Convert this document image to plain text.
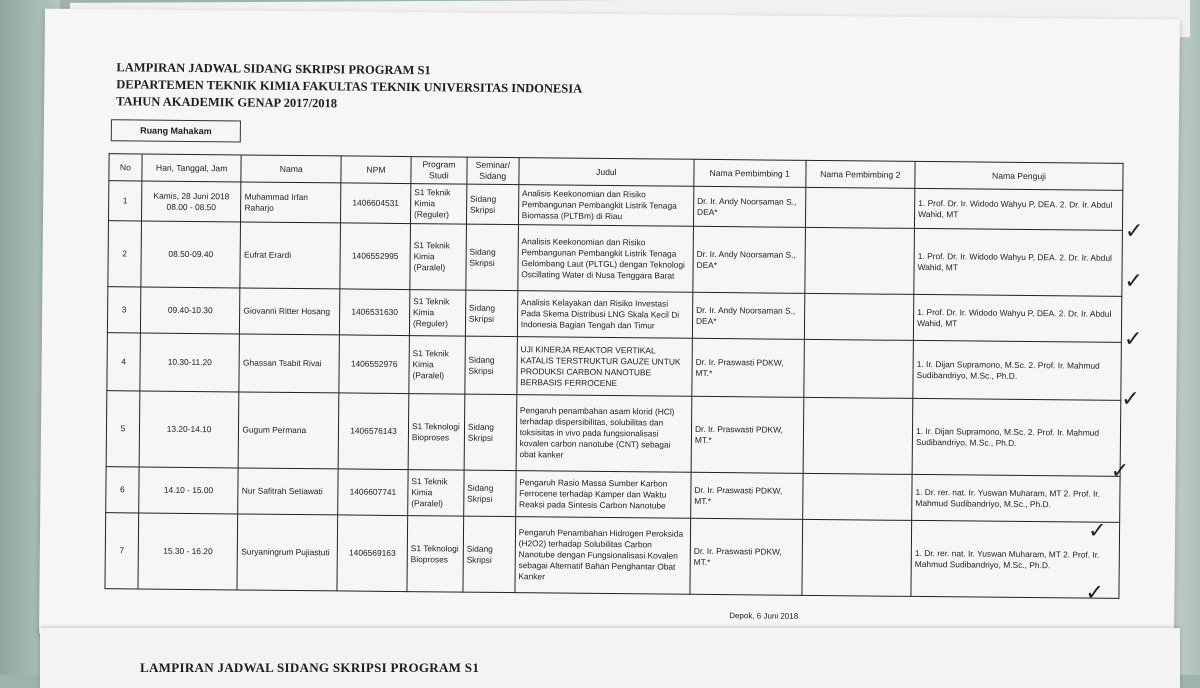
LAMPIRAN JADWAL SIDANG SKRIPSI PROGRAM S1
DEPARTEMEN TEKNIK KIMIA FAKULTAS TEKNIK UNIVERSITAS INDONESIA
TAHUN AKADEMIK GENAP 2017/2018
Ruang Mahakam
No	Hari, Tanggal, Jam	Nama	NPM	Program Studi	Seminar/ Sidang	Judul	Nama Pembimbing 1	Nama Pembimbing 2	Nama Penguji
1	Kamis, 28 Juni 2018 08.00 - 08.50	Muhammad Irfan Raharjo	1406604531	S1 Teknik Kimia (Reguler)	Sidang Skripsi	Analisis Keekonomian dan Risiko Pembangunan Pembangkit Listrik Tenaga Biomassa (PLTBm) di Riau	Dr. Ir. Andy Noorsaman S., DEA*		1. Prof. Dr. Ir. Widodo Wahyu P, DEA. 2. Dr. Ir. Abdul Wahid, MT
2	08.50-09.40	Eufrat Erardi	1406552995	S1 Teknik Kimia (Paralel)	Sidang Skripsi	Analisis Keekonomian dan Risiko Pembangunan Pembangkit Listrik Tenaga Gelombang Laut (PLTGL) dengan Teknologi Oscillating Water di Nusa Tenggara Barat	Dr. Ir. Andy Noorsaman S., DEA*		1. Prof. Dr. Ir. Widodo Wahyu P, DEA. 2. Dr. Ir. Abdul Wahid, MT
3	09.40-10.30	Giovanni Ritter Hosang	1406531630	S1 Teknik Kimia (Reguler)	Sidang Skripsi	Analisis Kelayakan dan Risiko Investasi Pada Skema Distribusi LNG Skala Kecil Di Indonesia Bagian Tengah dan Timur	Dr. Ir. Andy Noorsaman S., DEA*		1. Prof. Dr. Ir. Widodo Wahyu P, DEA. 2. Dr. Ir. Abdul Wahid, MT
4	10.30-11.20	Ghassan Tsabit Rivai	1406552976	S1 Teknik Kimia (Paralel)	Sidang Skripsi	UJI KINERJA REAKTOR VERTIKAL KATALIS TERSTRUKTUR GAUZE UNTUK PRODUKSI CARBON NANOTUBE BERBASIS FERROCENE	Dr. Ir. Praswasti PDKW, MT.*		1. Ir. Dijan Supramono, M.Sc. 2. Prof. Ir. Mahmud Sudibandriyo, M.Sc., Ph.D.
5	13.20-14.10	Gugum Permana	1406576143	S1 Teknologi Bioproses	Sidang Skripsi	Pengaruh penambahan asam klorid (HCl) terhadap dispersibilitas, solubilitas dan toksisitas in vivo pada fungsionalisasi kovalen carbon nanotube (CNT) sebagai obat kanker	Dr. Ir. Praswasti PDKW, MT.*		1. Ir. Dijan Supramono, M.Sc. 2. Prof. Ir. Mahmud Sudibandriyo, M.Sc., Ph.D.
6	14.10 - 15.00	Nur Safitrah Setiawati	1406607741	S1 Teknik Kimia (Paralel)	Sidang Skripsi	Pengaruh Rasio Massa Sumber Karbon Ferrocene terhadap Kamper dan Waktu Reaksi pada Sintesis Carbon Nanotube	Dr. Ir. Praswasti PDKW, MT.*		1. Dr. rer. nat. Ir. Yuswan Muharam, MT 2. Prof. Ir. Mahmud Sudibandriyo, M.Sc., Ph.D.
7	15.30 - 16.20	Suryaningrum Pujiastuti	1406569163	S1 Teknologi Bioproses	Sidang Skripsi	Pengaruh Penambahan Hidrogen Peroksida (H2O2) terhadap Solubilitas Carbon Nanotube dengan Fungsionalisasi Kovalen sebagai Alternatif Bahan Penghantar Obat Kanker	Dr. Ir. Praswasti PDKW, MT.*		1. Dr. rer. nat. Ir. Yuswan Muharam, MT 2. Prof. Ir. Mahmud Sudibandriyo, M.Sc., Ph.D.
✓
✓
✓
✓
✓
✓
✓
Depok, 6 Juni 2018
LAMPIRAN JADWAL SIDANG SKRIPSI PROGRAM S1
